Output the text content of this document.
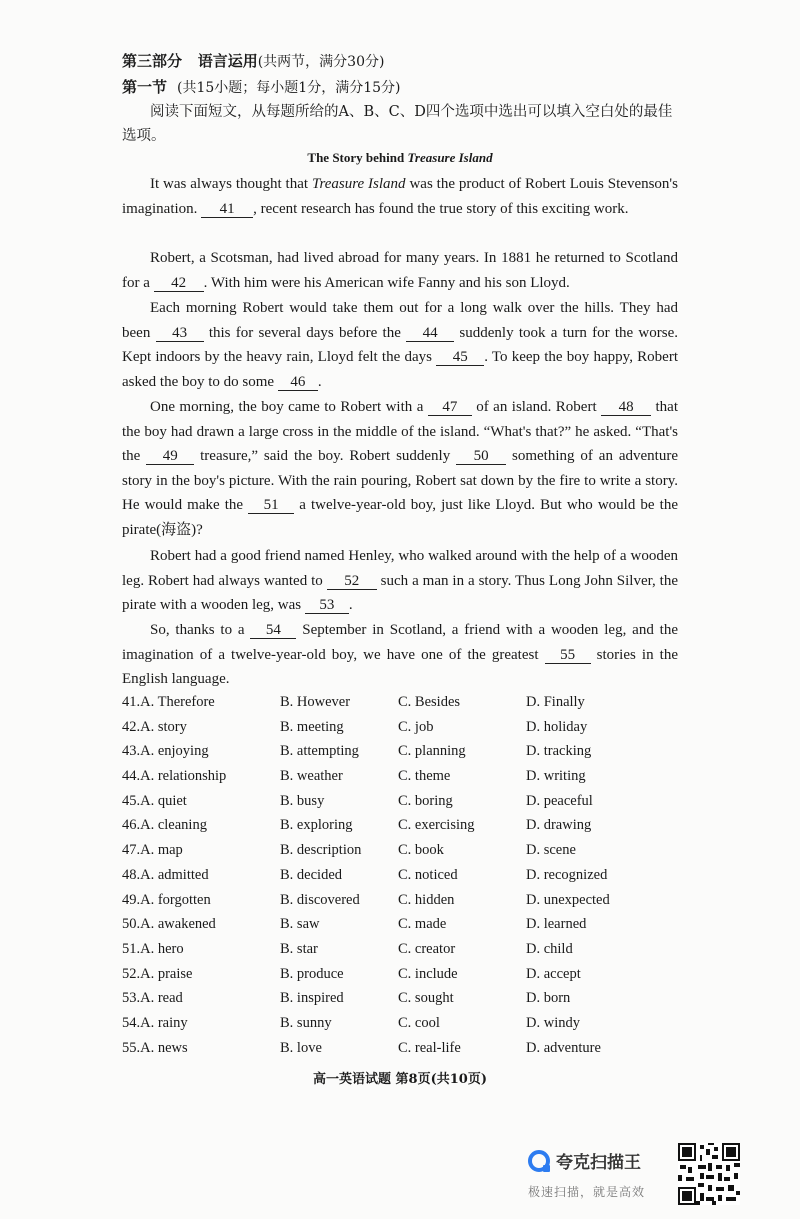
第三部分 语言运用(共两节，满分30分)
第一节 (共15小题；每小题1分，满分15分)
阅读下面短文，从每题所给的A、B、C、D四个选项中选出可以填入空白处的最佳选项。
The Story behind Treasure Island
It was always thought that Treasure Island was the product of Robert Louis Stevenson's imagination. 41 , recent research has found the true story of this exciting work.
Robert, a Scotsman, had lived abroad for many years. In 1881 he returned to Scotland for a 42 . With him were his American wife Fanny and his son Lloyd.
Each morning Robert would take them out for a long walk over the hills. They had been 43 this for several days before the 44 suddenly took a turn for the worse. Kept indoors by the heavy rain, Lloyd felt the days 45 . To keep the boy happy, Robert asked the boy to do some 46 .
One morning, the boy came to Robert with a 47 of an island. Robert 48 that the boy had drawn a large cross in the middle of the island. “What's that?” he asked. “That's the 49 treasure,” said the boy. Robert suddenly 50 something of an adventure story in the boy's picture. With the rain pouring, Robert sat down by the fire to write a story. He would make the 51 a twelve-year-old boy, just like Lloyd. But who would be the pirate(海盗)?
Robert had a good friend named Henley, who walked around with the help of a wooden leg. Robert had always wanted to 52 such a man in a story. Thus Long John Silver, the pirate with a wooden leg, was 53 .
So, thanks to a 54 September in Scotland, a friend with a wooden leg, and the imagination of a twelve-year-old boy, we have one of the greatest 55 stories in the English language.
41.A. Therefore	B. However	C. Besides	D. Finally
42.A. story	B. meeting	C. job	D. holiday
43.A. enjoying	B. attempting	C. planning	D. tracking
44.A. relationship	B. weather	C. theme	D. writing
45.A. quiet	B. busy	C. boring	D. peaceful
46.A. cleaning	B. exploring	C. exercising	D. drawing
47.A. map	B. description	C. book	D. scene
48.A. admitted	B. decided	C. noticed	D. recognized
49.A. forgotten	B. discovered	C. hidden	D. unexpected
50.A. awakened	B. saw	C. made	D. learned
51.A. hero	B. star	C. creator	D. child
52.A. praise	B. produce	C. include	D. accept
53.A. read	B. inspired	C. sought	D. born
54.A. rainy	B. sunny	C. cool	D. windy
55.A. news	B. love	C. real-life	D. adventure
高一英语试题 第8页(共10页)
夸克扫描王
极速扫描，就是高效
